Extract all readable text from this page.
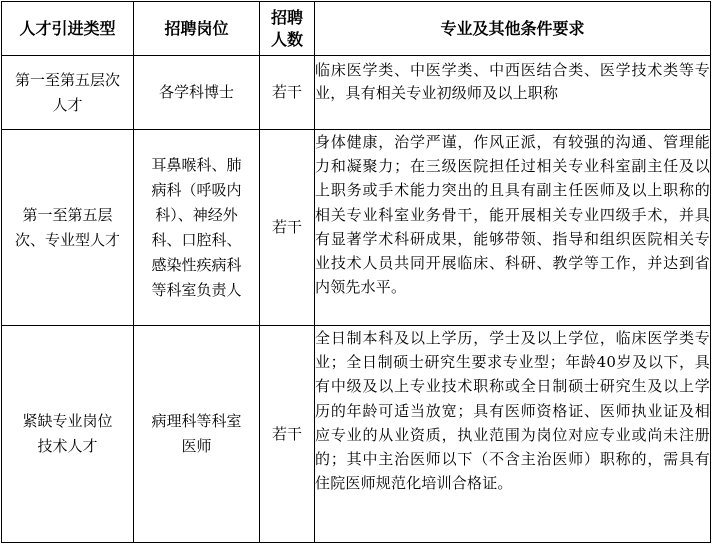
人才引进类型	招聘岗位	招聘人数	专业及其他条件要求
第一至第五层次人才	各学科博士	若干	临床医学类、中医学类、中西医结合类、医学技术类等专业，具有相关专业初级师及以上职称
第一至第五层次、专业型人才	耳鼻喉科、肺病科（呼吸内科）、神经外科、口腔科、感染性疾病科等科室负责人	若干	身体健康，治学严谨，作风正派，有较强的沟通、管理能力和凝聚力；在三级医院担任过相关专业科室副主任及以上职务或手术能力突出的且具有副主任医师及以上职称的相关专业科室业务骨干，能开展相关专业四级手术，并具有显著学术科研成果，能够带领、指导和组织医院相关专业技术人员共同开展临床、科研、教学等工作，并达到省内领先水平。
紧缺专业岗位技术人才	病理科等科室医师	若干	全日制本科及以上学历，学士及以上学位，临床医学类专业；全日制硕士研究生要求专业型；年龄40岁及以下，具有中级及以上专业技术职称或全日制硕士研究生及以上学历的年龄可适当放宽；具有医师资格证、医师执业证及相应专业的从业资质，执业范围为岗位对应专业或尚未注册的；其中主治医师以下（不含主治医师）职称的，需具有住院医师规范化培训合格证。
